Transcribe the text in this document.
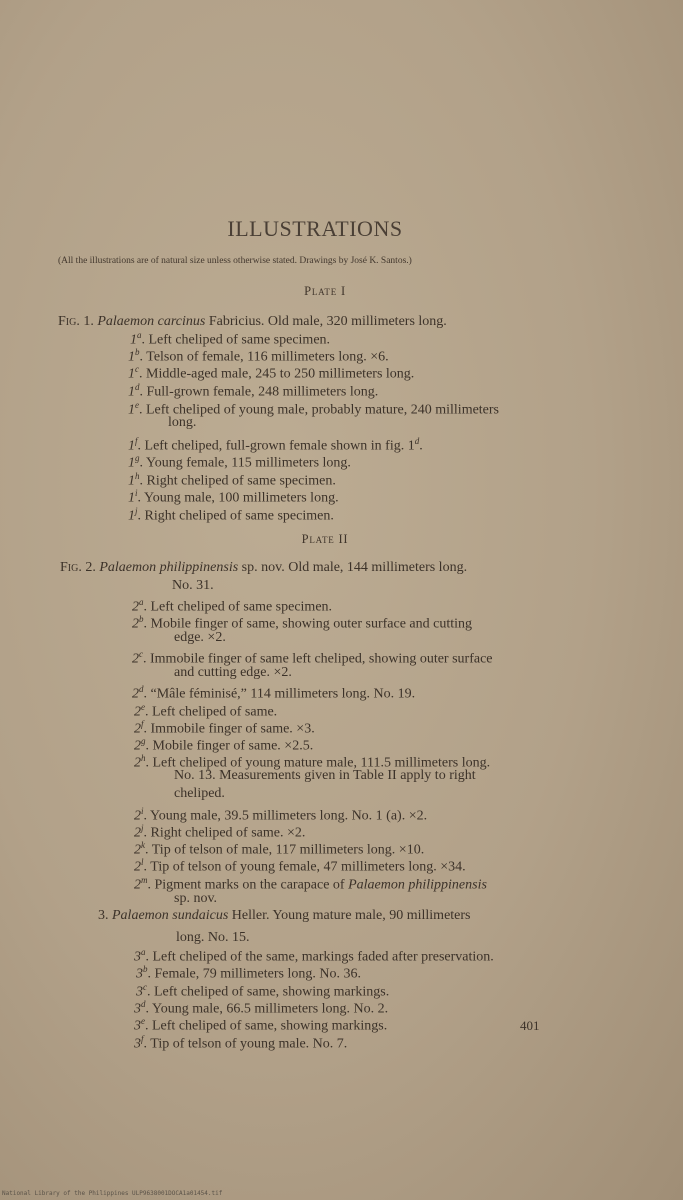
ILLUSTRATIONS
(All the illustrations are of natural size unless otherwise stated. Drawings by José K. Santos.)
Plate I
Fig. 1. Palaemon carcinus Fabricius. Old male, 320 millimeters long.
1$^a$. Left cheliped of same specimen.
1$^b$. Telson of female, 116 millimeters long. ×6.
1$^c$. Middle-aged male, 245 to 250 millimeters long.
1$^d$. Full-grown female, 248 millimeters long.
1e. Left cheliped of young male, probably mature, 240 millimeters
long.
1$^f$. Left cheliped, full-grown female shown in fig. 1$^d$.
1$^g$. Young female, 115 millimeters long.
1$^h$. Right cheliped of same specimen.
1$^i$. Young male, 100 millimeters long.
1$^j$. Right cheliped of same specimen.
Plate II
Fig. 2. Palaemon philippinensis sp. nov. Old male, 144 millimeters long.
No. 31.
2$^a$. Left cheliped of same specimen.
2$^b$. Mobile finger of same, showing outer surface and cutting
edge. ×2.
2$^c$. Immobile finger of same left cheliped, showing outer surface
and cutting edge. ×2.
2$^d$. “Mâle féminisé,” 114 millimeters long. No. 19.
2e. Left cheliped of same.
2$^f$. Immobile finger of same. ×3.
2$^g$. Mobile finger of same. ×2.5.
2$^h$. Left cheliped of young mature male, 111.5 millimeters long.
No. 13. Measurements given in Table II apply to right
cheliped.
2$^i$. Young male, 39.5 millimeters long. No. 1 (a). ×2.
2$^j$. Right cheliped of same. ×2.
2$^k$. Tip of telson of male, 117 millimeters long. ×10.
2$^l$. Tip of telson of young female, 47 millimeters long. ×34.
2$^m$. Pigment marks on the carapace of Palaemon philippinensis
sp. nov.
3. Palaemon sundaicus Heller. Young mature male, 90 millimeters
long. No. 15.
3$^a$. Left cheliped of the same, markings faded after preservation.
3$^b$. Female, 79 millimeters long. No. 36.
3$^c$. Left cheliped of same, showing markings.
3$^d$. Young male, 66.5 millimeters long. No. 2.
3e. Left cheliped of same, showing markings.
3$^f$. Tip of telson of young male. No. 7.
401
National Library of the Philippines ULP9638001DOCA1a01454.tif
